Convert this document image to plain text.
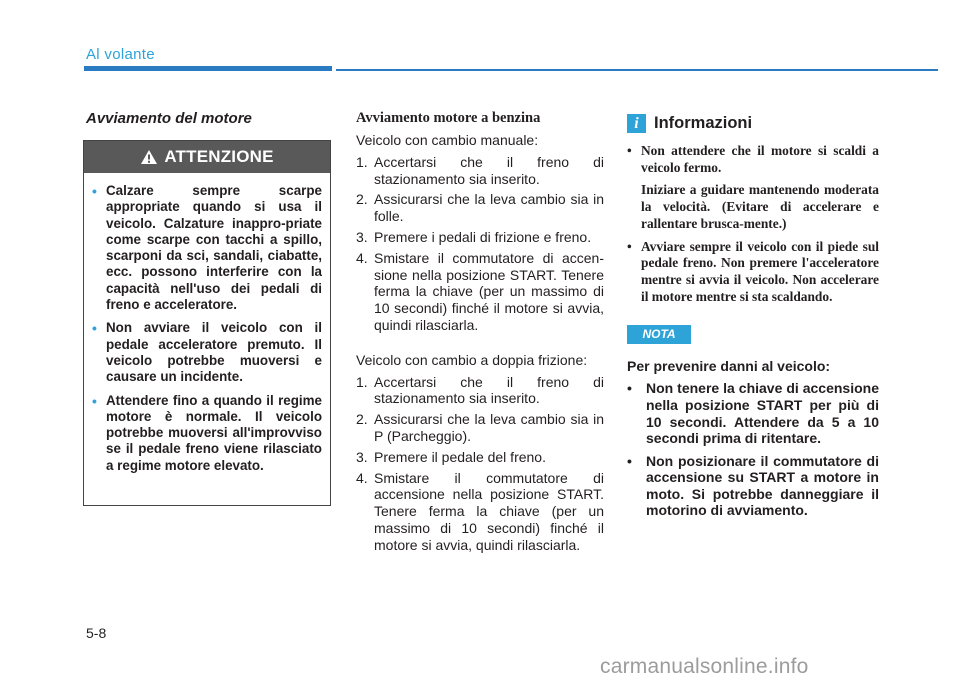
Al volante
Avviamento del motore
ATTENZIONE
• Calzare sempre scarpe appropriate quando si usa il veicolo. Calzature inappro-priate come scarpe con tacchi a spillo, scarponi da sci, sandali, ciabatte, ecc. possono interferire con la capacità nell'uso dei pedali di freno e acceleratore.
• Non avviare il veicolo con il pedale acceleratore premuto. Il veicolo potrebbe muoversi e causare un incidente.
• Attendere fino a quando il regime motore è normale. Il veicolo potrebbe muoversi all'improvviso se il pedale freno viene rilasciato a regime motore elevato.
Avviamento motore a benzina
Veicolo con cambio manuale:
1. Accertarsi che il freno di stazionamento sia inserito.
2. Assicurarsi che la leva cambio sia in folle.
3. Premere i pedali di frizione e freno.
4. Smistare il commutatore di accen-sione nella posizione START. Tenere ferma la chiave (per un massimo di 10 secondi) finché il motore si avvia, quindi rilasciarla.
Veicolo con cambio a doppia frizione:
1. Accertarsi che il freno di stazionamento sia inserito.
2. Assicurarsi che la leva cambio sia in P (Parcheggio).
3. Premere il pedale del freno.
4. Smistare il commutatore di accensione nella posizione START. Tenere ferma la chiave (per un massimo di 10 secondi) finché il motore si avvia, quindi rilasciarla.
i Informazioni
• Non attendere che il motore si scaldi a veicolo fermo.
Iniziare a guidare mantenendo moderata la velocità. (Evitare di accelerare e rallentare brusca-mente.)
• Avviare sempre il veicolo con il piede sul pedale freno. Non premere l'acceleratore mentre si avvia il veicolo. Non accelerare il motore mentre si sta scaldando.
NOTA
Per prevenire danni al veicolo:
• Non tenere la chiave di accensione nella posizione START per più di 10 secondi. Attendere da 5 a 10 secondi prima di ritentare.
• Non posizionare il commutatore di accensione su START a motore in moto. Si potrebbe danneggiare il motorino di avviamento.
5-8
carmanualsonline.info
